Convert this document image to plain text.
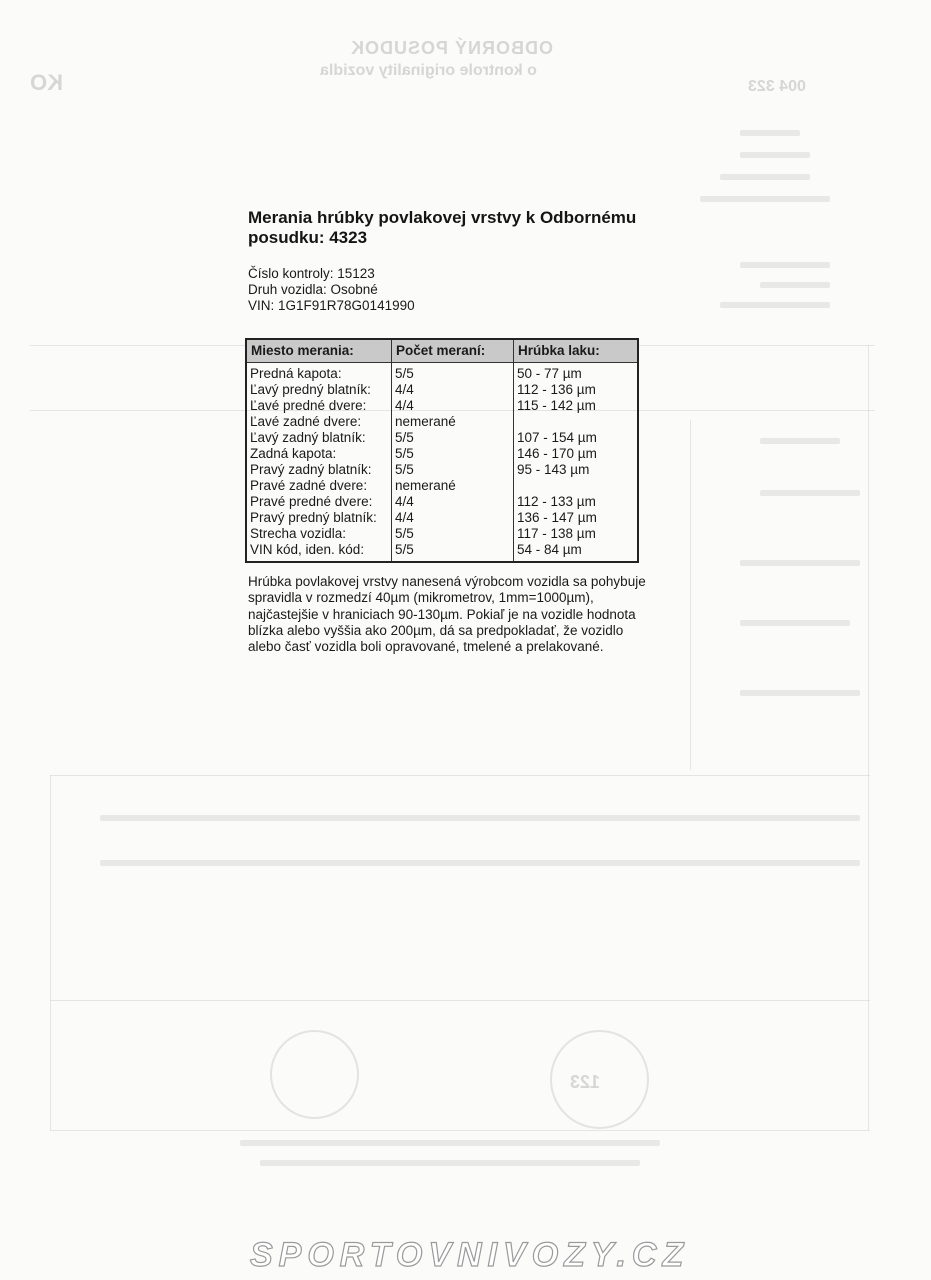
ODBORNÝ POSUDOK
o kontrole originality vozidla
004 323
KO
123
Merania hrúbky povlakovej vrstvy k Odbornému
posudku: 4323
Číslo kontroly: 15123
Druh vozidla: Osobné
VIN: 1G1F91R78G0141990
Miesto merania:	Počet meraní:	Hrúbka laku:
Predná kapota:	5/5	50 - 77 µm
Ľavý predný blatník:	4/4	112 - 136 µm
Ľavé predné dvere:	4/4	115 - 142 µm
Ľavé zadné dvere:	nemerané	
Ľavý zadný blatník:	5/5	107 - 154 µm
Zadná kapota:	5/5	146 - 170 µm
Pravý zadný blatník:	5/5	95 - 143 µm
Pravé zadné dvere:	nemerané	
Pravé predné dvere:	4/4	112 - 133 µm
Pravý predný blatník:	4/4	136 - 147 µm
Strecha vozidla:	5/5	117 - 138 µm
VIN kód, iden. kód:	5/5	54 - 84 µm

Hrúbka povlakovej vrstvy nanesená výrobcom vozidla sa pohybuje spravidla v rozmedzí 40µm (mikrometrov, 1mm=1000µm), najčastejšie v hraniciach 90-130µm. Pokiaľ je na vozidle hodnota blízka alebo vyššia ako 200µm, dá sa predpokladať, že vozidlo alebo časť vozidla boli opravované, tmelené a prelakované.

SPORTOVNIVOZY.CZ
